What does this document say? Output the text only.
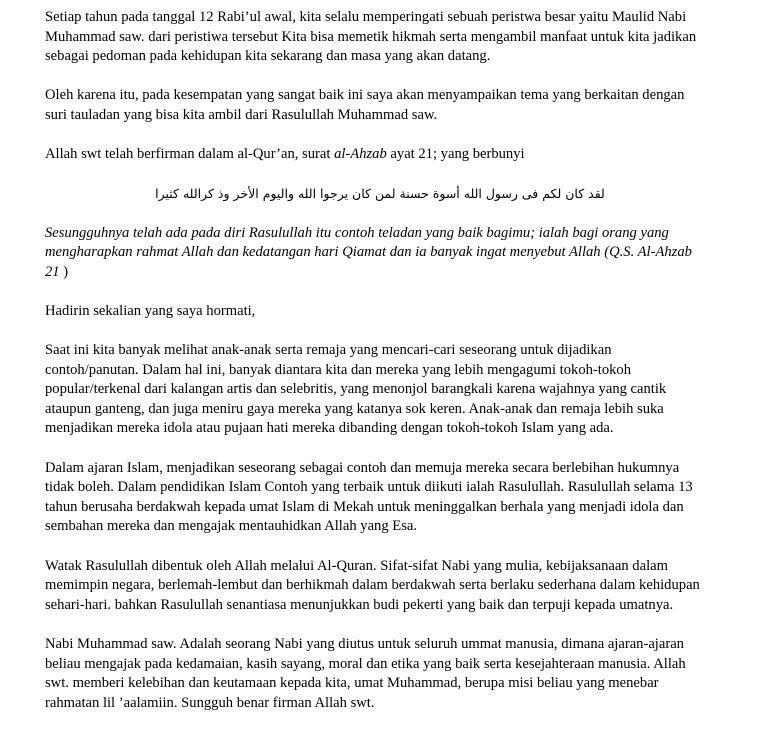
Setiap tahun pada tanggal 12 Rabi’ul awal, kita selalu memperingati sebuah peristwa besar yaitu Maulid Nabi
Muhammad saw. dari peristiwa tersebut Kita bisa memetik hikmah serta mengambil manfaat untuk kita jadikan
sebagai pedoman pada kehidupan kita sekarang dan masa yang akan datang.

Oleh karena itu, pada kesempatan yang sangat baik ini saya akan menyampaikan tema yang berkaitan dengan
suri tauladan yang bisa kita ambil dari Rasulullah Muhammad saw.

Allah swt telah berfirman dalam al-Qur’an, surat al-Ahzab ayat 21; yang berbunyi

لقد كان لكم فى رسول الله أسوة حسنة لمن كان يرجوا الله واليوم الأخر وذ كرالله كثيرا

Sesungguhnya telah ada pada diri Rasulullah itu contoh teladan yang baik bagimu; ialah bagi orang yang
mengharapkan rahmat Allah dan kedatangan hari Qiamat dan ia banyak ingat menyebut Allah (Q.S. Al-Ahzab
21 )

Hadirin sekalian yang saya hormati,

Saat ini kita banyak melihat anak-anak serta remaja yang mencari-cari seseorang untuk dijadikan
contoh/panutan. Dalam hal ini, banyak diantara kita dan mereka yang lebih mengagumi tokoh-tokoh
popular/terkenal dari kalangan artis dan selebritis, yang menonjol barangkali karena wajahnya yang cantik
ataupun ganteng, dan juga meniru gaya mereka yang katanya sok keren. Anak-anak dan remaja lebih suka
menjadikan mereka idola atau pujaan hati mereka dibanding dengan tokoh-tokoh Islam yang ada.

Dalam ajaran Islam, menjadikan seseorang sebagai contoh dan memuja mereka secara berlebihan hukumnya
tidak boleh. Dalam pendidikan Islam Contoh yang terbaik untuk diikuti ialah Rasulullah. Rasulullah selama 13
tahun berusaha berdakwah kepada umat Islam di Mekah untuk meninggalkan berhala yang menjadi idola dan
sembahan mereka dan mengajak mentauhidkan Allah yang Esa.

Watak Rasulullah dibentuk oleh Allah melalui Al-Quran. Sifat-sifat Nabi yang mulia, kebijaksanaan dalam
memimpin negara, berlemah-lembut dan berhikmah dalam berdakwah serta berlaku sederhana dalam kehidupan
sehari-hari. bahkan Rasulullah senantiasa menunjukkan budi pekerti yang baik dan terpuji kepada umatnya.

Nabi Muhammad saw. Adalah seorang Nabi yang diutus untuk seluruh ummat manusia, dimana ajaran-ajaran
beliau mengajak pada kedamaian, kasih sayang, moral dan etika yang baik serta kesejahteraan manusia. Allah
swt. memberi kelebihan dan keutamaan kepada kita, umat Muhammad, berupa misi beliau yang menebar
rahmatan lil ’aalamiin. Sungguh benar firman Allah swt.
